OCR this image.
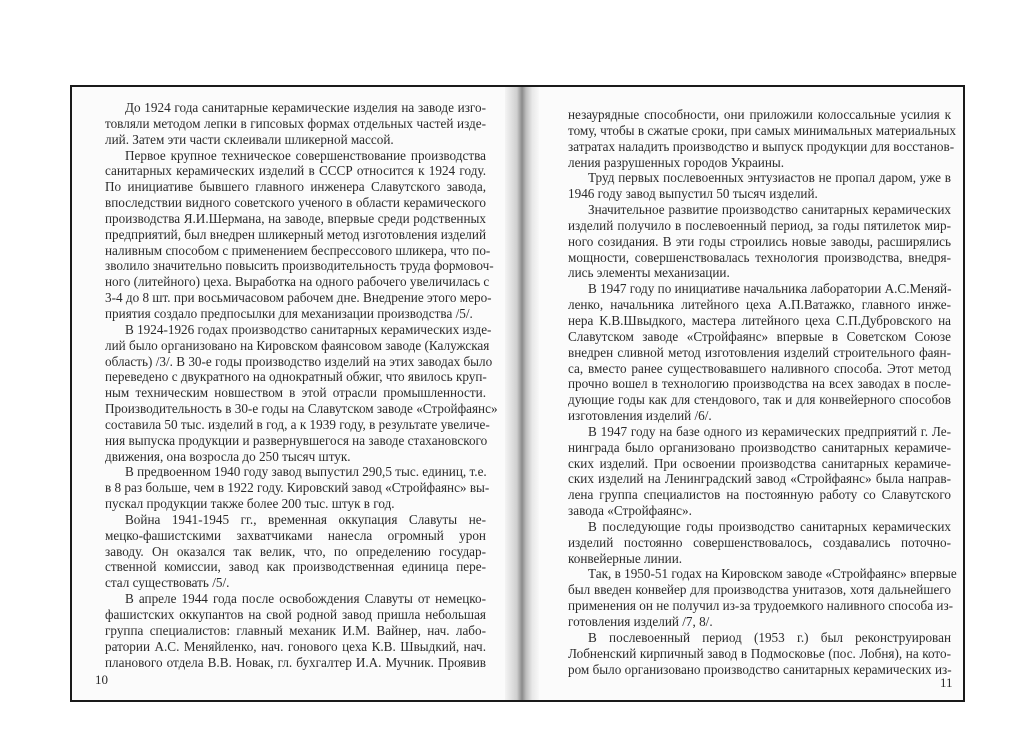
До 1924 года санитарные керамические изделия на заводе изго-
товляли методом лепки в гипсовых формах отдельных частей изде-
лий. Затем эти части склеивали шликерной массой.
Первое крупное техническое совершенствование производства
санитарных керамических изделий в СССР относится к 1924 году.
По инициативе бывшего главного инженера Славутского завода,
впоследствии видного советского ученого в области керамического
производства Я.И.Шермана, на заводе, впервые среди родственных
предприятий, был внедрен шликерный метод изготовления изделий
наливным способом с применением беспрессового шликера, что по-
зволило значительно повысить производительность труда формовоч-
ного (литейного) цеха. Выработка на одного рабочего увеличилась с
3-4 до 8 шт. при восьмичасовом рабочем дне. Внедрение этого меро-
приятия создало предпосылки для механизации производства /5/.
В 1924-1926 годах производство санитарных керамических изде-
лий было организовано на Кировском фаянсовом заводе (Калужская
область) /3/. В 30-е годы производство изделий на этих заводах было
переведено с двукратного на однократный обжиг, что явилось круп-
ным техническим новшеством в этой отрасли промышленности.
Производительность в 30-е годы на Славутском заводе «Стройфаянс»
составила 50 тыс. изделий в год, а к 1939 году, в результате увеличе-
ния выпуска продукции и развернувшегося на заводе стахановского
движения, она возросла до 250 тысяч штук.
В предвоенном 1940 году завод выпустил 290,5 тыс. единиц, т.е.
в 8 раз больше, чем в 1922 году. Кировский завод «Стройфаянс» вы-
пускал продукции также более 200 тыс. штук в год.
Война 1941-1945 гг., временная оккупация Славуты не-
мецко-фашистскими захватчиками нанесла огромный урон
заводу. Он оказался так велик, что, по определению государ-
ственной комиссии, завод как производственная единица пере-
стал существовать /5/.
В апреле 1944 года после освобождения Славуты от немецко-
фашистских оккупантов на свой родной завод пришла небольшая
группа специалистов: главный механик И.М. Вайнер, нач. лабо-
ратории А.С. Меняйленко, нач. гонового цеха К.В. Швыдкий, нач.
планового отдела В.В. Новак, гл. бухгалтер И.А. Мучник. Проявив
незаурядные способности, они приложили колоссальные усилия к
тому, чтобы в сжатые сроки, при самых минимальных материальных
затратах наладить производство и выпуск продукции для восстанов-
ления разрушенных городов Украины.
Труд первых послевоенных энтузиастов не пропал даром, уже в
1946 году завод выпустил 50 тысяч изделий.
Значительное развитие производство санитарных керамических
изделий получило в послевоенный период, за годы пятилеток мир-
ного созидания. В эти годы строились новые заводы, расширялись
мощности, совершенствовалась технология производства, внедря-
лись элементы механизации.
В 1947 году по инициативе начальника лаборатории А.С.Меняй-
ленко, начальника литейного цеха А.П.Ватажко, главного инже-
нера К.В.Швыдкого, мастера литейного цеха С.П.Дубровского на
Славутском заводе «Стройфаянс» впервые в Советском Союзе
внедрен сливной метод изготовления изделий строительного фаян-
са, вместо ранее существовавшего наливного способа. Этот метод
прочно вошел в технологию производства на всех заводах в после-
дующие годы как для стендового, так и для конвейерного способов
изготовления изделий /6/.
В 1947 году на базе одного из керамических предприятий г. Ле-
нинграда было организовано производство санитарных керамиче-
ских изделий. При освоении производства санитарных керамиче-
ских изделий на Ленинградский завод «Стройфаянс» была направ-
лена группа специалистов на постоянную работу со Славутского
завода «Стройфаянс».
В последующие годы производство санитарных керамических
изделий постоянно совершенствовалось, создавались поточно-
конвейерные линии.
Так, в 1950-51 годах на Кировском заводе «Стройфаянс» впервые
был введен конвейер для производства унитазов, хотя дальнейшего
применения он не получил из-за трудоемкого наливного способа из-
готовления изделий /7, 8/.
В послевоенный период (1953 г.) был реконструирован
Лобненский кирпичный завод в Подмосковье (пос. Лобня), на кото-
ром было организовано производство санитарных керамических из-
10	11
